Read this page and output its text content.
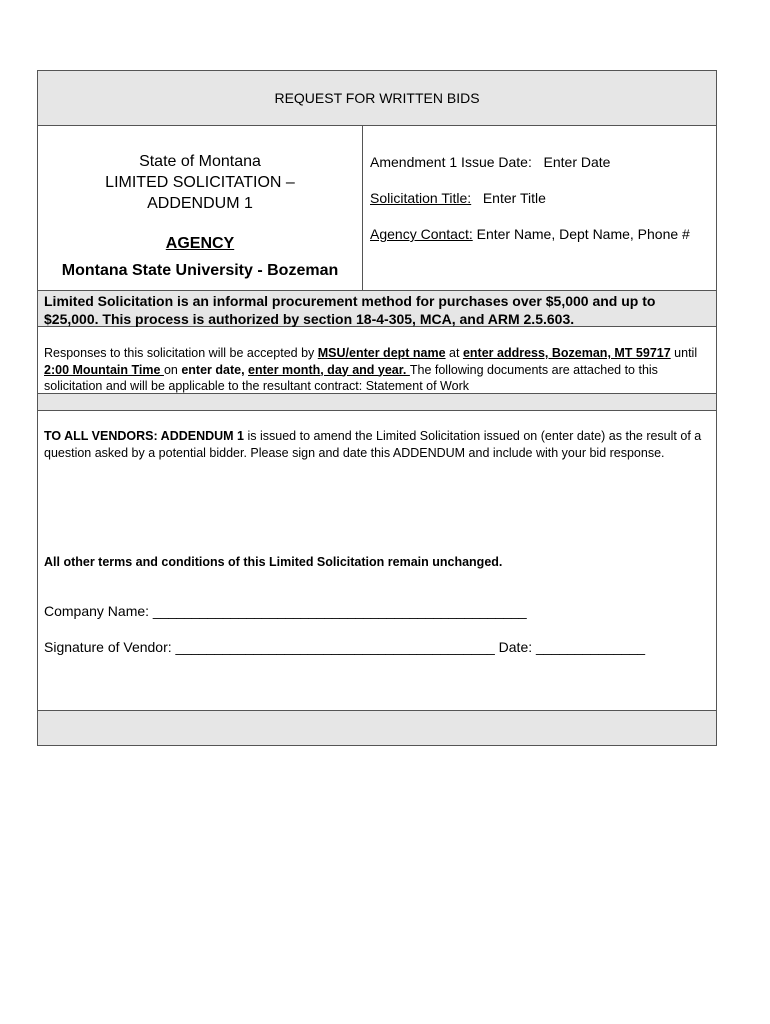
REQUEST FOR WRITTEN BIDS
State of Montana
LIMITED SOLICITATION –
ADDENDUM 1
AGENCY
Montana State University - Bozeman
Amendment 1 Issue Date: Enter Date
Solicitation Title: Enter Title
Agency Contact: Enter Name, Dept Name, Phone #
Limited Solicitation is an informal procurement method for purchases over $5,000 and up to $25,000. This process is authorized by section 18-4-305, MCA, and ARM 2.5.603.
Responses to this solicitation will be accepted by MSU/enter dept name at enter address, Bozeman, MT 59717 until 2:00 Mountain Time on enter date, enter month, day and year. The following documents are attached to this solicitation and will be applicable to the resultant contract: Statement of Work
TO ALL VENDORS: ADDENDUM 1 is issued to amend the Limited Solicitation issued on (enter date) as the result of a question asked by a potential bidder. Please sign and date this ADDENDUM and include with your bid response.
All other terms and conditions of this Limited Solicitation remain unchanged.
Company Name: ________________________________________________
Signature of Vendor: _________________________________________ Date: ______________
